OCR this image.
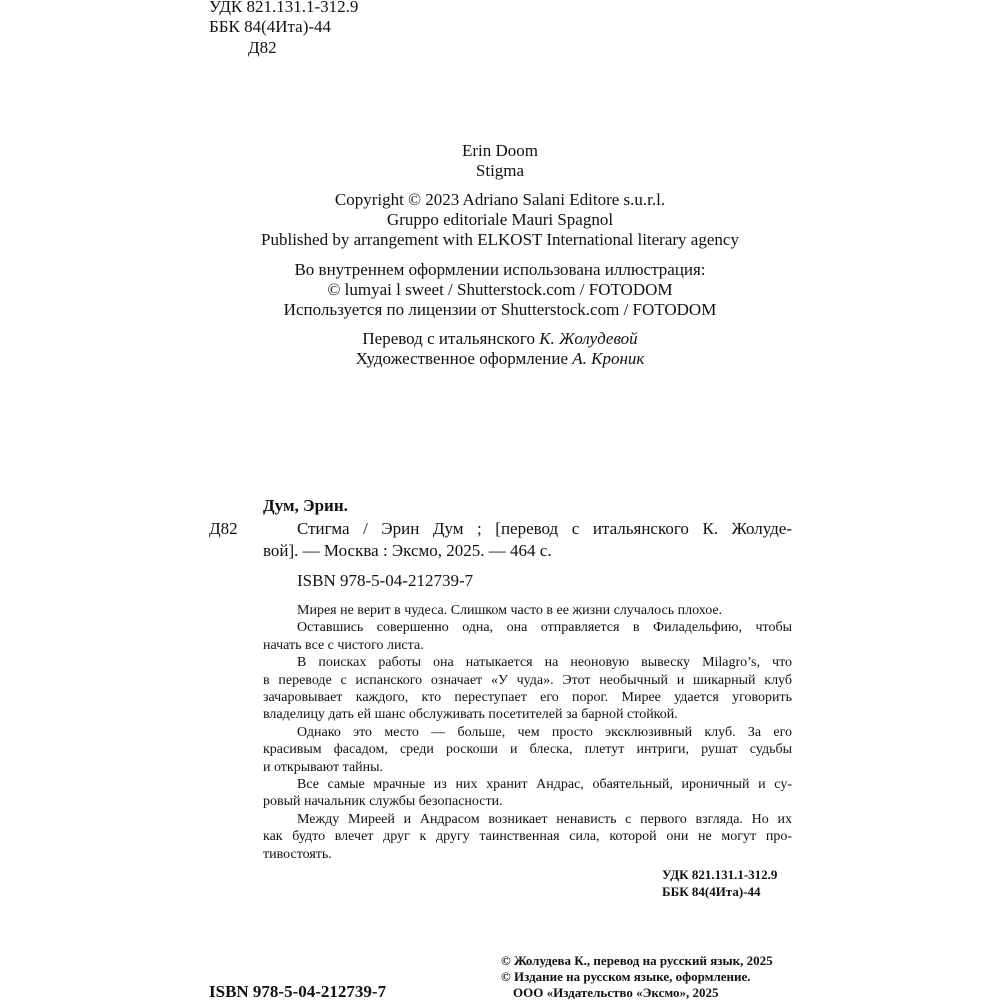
УДК 821.131.1-312.9
ББК 84(4Ита)-44
Д82
Erin Doom
Stigma
Copyright © 2023 Adriano Salani Editore s.u.r.l.
Gruppo editoriale Mauri Spagnol
Published by arrangement with ELKOST International literary agency
Во внутреннем оформлении использована иллюстрация:
© lumyai l sweet / Shutterstock.com / FOTODOM
Используется по лицензии от Shutterstock.com / FOTODOM
Перевод с итальянского К. Жолудевой
Художественное оформление А. Кроник
Дум, Эрин.
Д82	Стигма / Эрин Дум ; [перевод с итальянского К. Жолуде-

вой]. — Москва : Эксмо, 2025. — 464 с.

ISBN 978-5-04-212739-7

Мирея не верит в чудеса. Слишком часто в ее жизни случалось плохое.

Оставшись совершенно одна, она отправляется в Филадельфию, чтобы

начать все с чистого листа.

В поисках работы она натыкается на неоновую вывеску Milagro’s, что

в переводе с испанского означает «У чуда». Этот необычный и шикарный клуб

зачаровывает каждого, кто переступает его порог. Мирее удается уговорить

владелицу дать ей шанс обслуживать посетителей за барной стойкой.

Однако это место — больше, чем просто эксклюзивный клуб. За его

красивым фасадом, среди роскоши и блеска, плетут интриги, рушат судьбы

и открывают тайны.

Все самые мрачные из них хранит Андрас, обаятельный, ироничный и су-

ровый начальник службы безопасности.

Между Миреей и Андрасом возникает ненависть с первого взгляда. Но их

как будто влечет друг к другу таинственная сила, которой они не могут про-

тивостоять.

УДК 821.131.1-312.9
ББК 84(4Ита)-44
ISBN 978-5-04-212739-7
© Жолудева К., перевод на русский язык, 2025
© Издание на русском языке, оформление.
ООО «Издательство «Эксмо», 2025
